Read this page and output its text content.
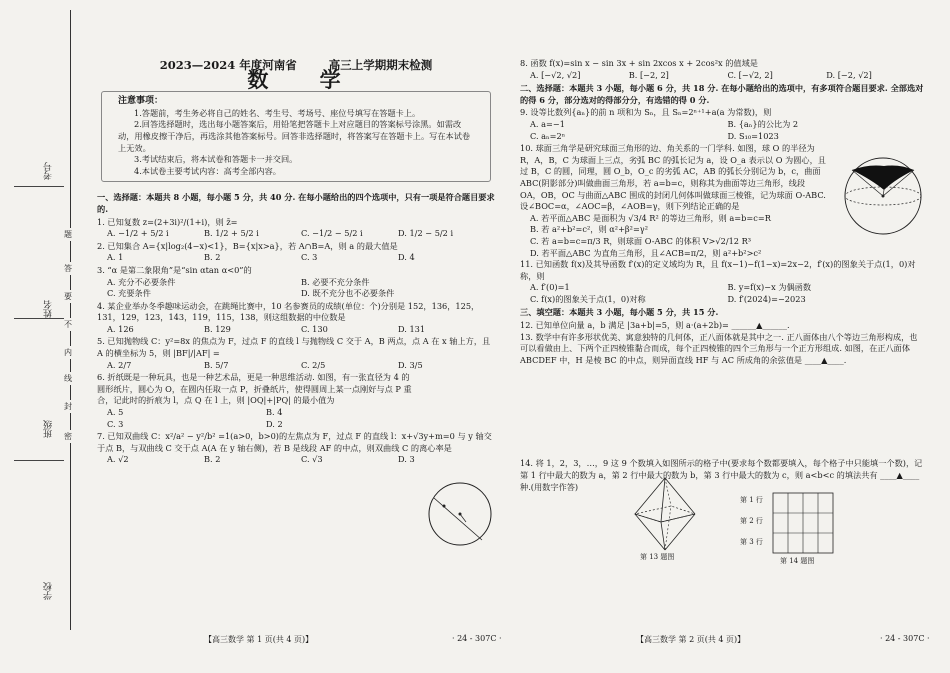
考号
姓名
班级
学校
密
封
线
内
不
要
答
题
2023—2024 年度河南省	高三上学期期末检测
数 学
注意事项：

1.答题前，考生务必将自己的姓名、考生号、考场号、座位号填写在答题卡上。

2.回答选择题时，选出每小题答案后，用铅笔把答题卡上对应题目的答案标号涂黑。如需改动，用橡皮擦干净后，再选涂其他答案标号。回答非选择题时，将答案写在答题卡上。写在本试卷上无效。

3.考试结束后，将本试卷和答题卡一并交回。

4.本试卷主要考试内容：高考全部内容。

一、选择题：本题共 8 小题，每小题 5 分，共 40 分. 在每小题给出的四个选项中，只有一项是符合题目要求的.

1. 已知复数 z=(2+3i)²/(1+i)，则 z̄=

A. −1/2 + 5/2 i	B. 1/2 + 5/2 i	C. −1/2 − 5/2 i	D. 1/2 − 5/2 i

2. 已知集合 A={x|log₂(4−x)<1}，B={x|x>a}，若 A∩B=A，则 a 的最大值是

A. 1	B. 2	C. 3	D. 4

3. “α 是第二象限角”是“sin αtan α<0”的

A. 充分不必要条件	B. 必要不充分条件
C. 充要条件	D. 既不充分也不必要条件

4. 某企业举办冬季趣味运动会，在跳绳比赛中，10 名参赛员的成绩(单位：个)分别是 152，136，125，131，129，123，143，119，115，138，则这组数据的中位数是

A. 126	B. 129	C. 130	D. 131

5. 已知抛物线 C：y²=8x 的焦点为 F，过点 F 的直线 l 与抛物线 C 交于 A，B 两点，点 A 在 x 轴上方，且 A 的横坐标为 5，则 |BF|/|AF| =

A. 2/7	B. 5/7	C. 2/5	D. 3/5

6. 折纸既是一种玩具，也是一种艺术品，更是一种思维活动. 如图，有一张直径为 4 的圆形纸片，圆心为 O，在圆内任取一点 P，折叠纸片，使得圆周上某一点刚好与点 P 重合，记此时的折痕为 l，点 Q 在 l 上，则 |OQ|+|PQ| 的最小值为

A. 5	B. 4
C. 3	D. 2

7. 已知双曲线 C：x²/a² − y²/b² =1(a>0，b>0)的左焦点为 F，过点 F 的直线 l：x+√3y+m=0 与 y 轴交于点 B，与双曲线 C 交于点 A(A 在 y 轴右侧)，若 B 是线段 AF 的中点，则双曲线 C 的离心率是

A. √2	B. 2	C. √3	D. 3

8. 函数 f(x)=sin x − sin 3x + sin 2xcos x + 2cos²x 的值域是

A. [−√2, √2]	B. [−2, 2]	C. [−√2, 2]	D. [−2, √2]
二、选择题：本题共 3 小题，每小题 6 分，共 18 分. 在每小题给出的选项中，有多项符合题目要求. 全部选对的得 6 分，部分选对的得部分分，有选错的得 0 分.

9. 设等比数列{aₙ}的前 n 项和为 Sₙ，且 Sₙ=2ⁿ⁺¹+a(a 为常数)，则

A. a=−1	B. {aₙ}的公比为 2
C. aₙ=2ⁿ	D. S₁₀=1023

10. 球面三角学是研究球面三角形的边、角关系的一门学科. 如图，球 O 的半径为 R，A，B，C 为球面上三点，劣弧 BC 的弧长记为 a，设 O_a 表示以 O 为圆心，且过 B，C 的圆，同理，圆 O_b，O_c 的劣弧 AC，AB 的弧长分别记为 b，c，曲面 ABC(阴影部分)叫做曲面三角形，若 a=b=c，则称其为曲面等边三角形，线段 OA，OB，OC 与曲面△ABC 围成的封闭几何体叫做球面三棱锥，记为球面 O-ABC. 设∠BOC=α，∠AOC=β，∠AOB=γ，则下列结论正确的是

A. 若平面△ABC 是面积为 √3/4 R² 的等边三角形，则 a=b=c=R

B. 若 a²+b²=c²，则 α²+β²=γ²

C. 若 a=b=c=π/3 R，则球面 O-ABC 的体积 V>√2/12 R³

D. 若平面△ABC 为直角三角形，且∠ACB=π/2，则 a²+b²>c²

11. 已知函数 f(x)及其导函数 f′(x)的定义域均为 R，且 f(x−1)−f(1−x)=2x−2，f′(x)的图象关于点(1，0)对称，则

A. f′(0)=1	B. y=f(x)−x 为偶函数
C. f(x)的图象关于点(1，0)对称	D. f′(2024)=−2023
三、填空题：本题共 3 小题，每小题 5 分，共 15 分.

12. 已知单位向量 a，b 满足 |3a+b|=5，则 a·(a+2b)= ______▲______.

13. 数学中有许多形状优美、寓意独特的几何体，正八面体就是其中之一. 正八面体由八个等边三角形构成，也可以看做由上、下两个正四棱锥黏合而成，每个正四棱锥的四个三角形与一个正方形组成. 如图，在正八面体 ABCDEF 中，H 是棱 BC 的中点，则异面直线 HF 与 AC 所成角的余弦值是 ____▲____.

14. 将 1，2，3，…，9 这 9 个数填入如图所示的格子中(要求每个数都要填入，每个格子中只能填一个数)，记第 1 行中最大的数为 a，第 2 行中最大的数为 b，第 3 行中最大的数为 c，则 a<b<c 的填法共有 ____▲____ 种.(用数字作答)

第 13 题图
第 1 行
第 2 行
第 3 行
第 14 题图
【高三数学 第 1 页(共 4 页)】	· 24 - 307C ·	【高三数学 第 2 页(共 4 页)】	· 24 - 307C ·
